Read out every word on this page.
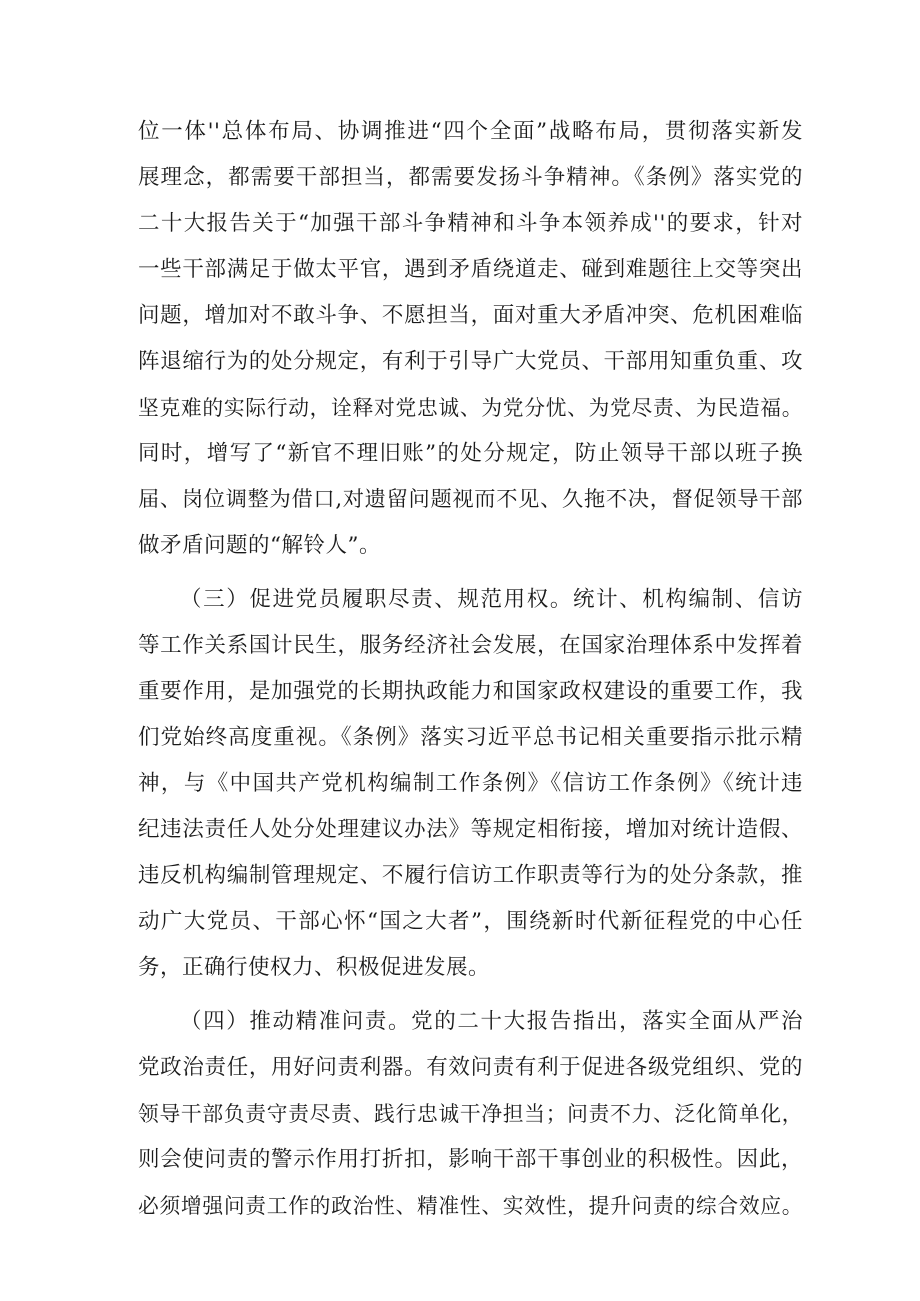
位一体''总体布局、协调推进“四个全面”战略布局，贯彻落实新发
展理念，都需要干部担当，都需要发扬斗争精神。《条例》落实党的
二十大报告关于“加强干部斗争精神和斗争本领养成''的要求，针对
一些干部满足于做太平官，遇到矛盾绕道走、碰到难题往上交等突出
问题，增加对不敢斗争、不愿担当，面对重大矛盾冲突、危机困难临
阵退缩行为的处分规定，有利于引导广大党员、干部用知重负重、攻
坚克难的实际行动，诠释对党忠诚、为党分忧、为党尽责、为民造福。
同时，增写了“新官不理旧账”的处分规定，防止领导干部以班子换
届、岗位调整为借口,对遗留问题视而不见、久拖不决，督促领导干部
做矛盾问题的“解铃人”。
（三）促进党员履职尽责、规范用权。统计、机构编制、信访
等工作关系国计民生，服务经济社会发展，在国家治理体系中发挥着
重要作用，是加强党的长期执政能力和国家政权建设的重要工作，我
们党始终高度重视。《条例》落实习近平总书记相关重要指示批示精
神，与《中国共产党机构编制工作条例》《信访工作条例》《统计违
纪违法责任人处分处理建议办法》等规定相衔接，增加对统计造假、
违反机构编制管理规定、不履行信访工作职责等行为的处分条款，推
动广大党员、干部心怀“国之大者”，围绕新时代新征程党的中心任
务，正确行使权力、积极促进发展。
（四）推动精准问责。党的二十大报告指出，落实全面从严治
党政治责任，用好问责利器。有效问责有利于促进各级党组织、党的
领导干部负责守责尽责、践行忠诚干净担当；问责不力、泛化简单化，
则会使问责的警示作用打折扣，影响干部干事创业的积极性。因此，
必须增强问责工作的政治性、精准性、实效性，提升问责的综合效应。
